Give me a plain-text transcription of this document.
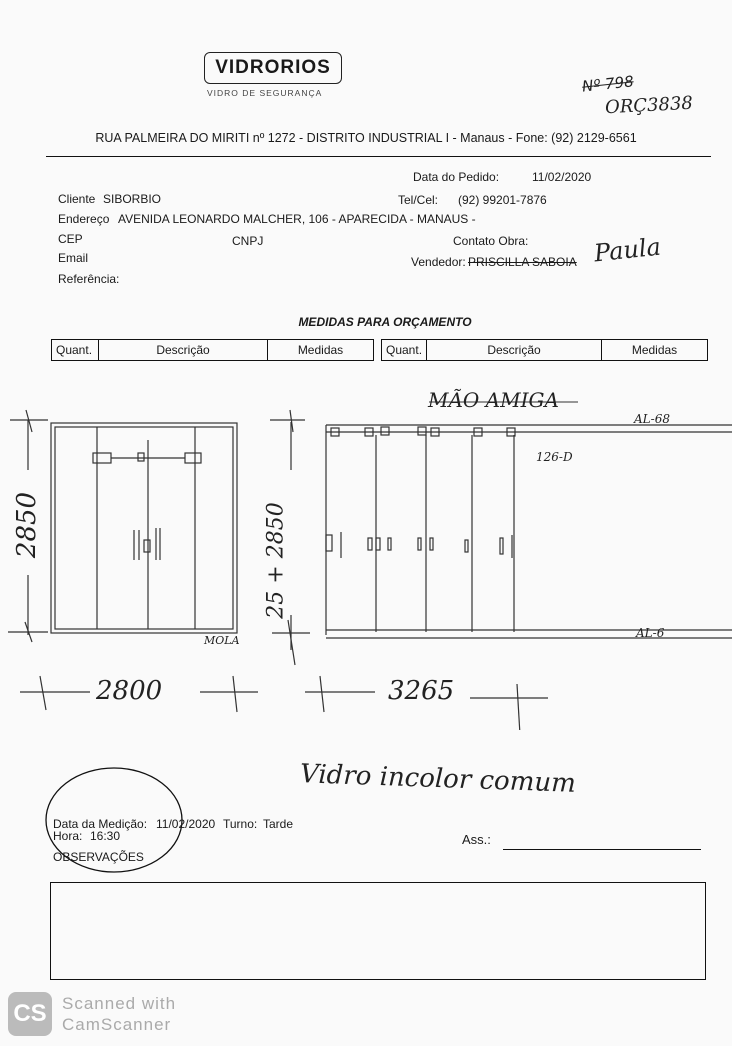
VIDRORIOS
VIDRO DE SEGURANÇA	Nº 798
ORÇ3838
RUA PALMEIRA DO MIRITI nº 1272 - DISTRITO INDUSTRIAL I - Manaus - Fone: (92) 2129-6561
Data do Pedido:	11/02/2020
Cliente SIBORBIO	Tel/Cel: (92) 99201-7876
Endereço AVENIDA LEONARDO MALCHER, 106 - APARECIDA - MANAUS -
CEP	CNPJ	Contato Obra:	Paula
Email	Vendedor: PRISCILLA SABOIA
Referência:
MEDIDAS PARA ORÇAMENTO
Quant.	Descrição	Medidas	Quant.	Descrição	Medidas
MÃO AMIGA
2850
2800
MOLA
25 + 2850
3265
AL-68
126-D
AL-6
Vidro incolor comum
Data da Medição: 11/02/2020 Turno: Tarde
Hora: 16:30
OBSERVAÇÕES
Ass.:
CS Scanned with
CamScanner
